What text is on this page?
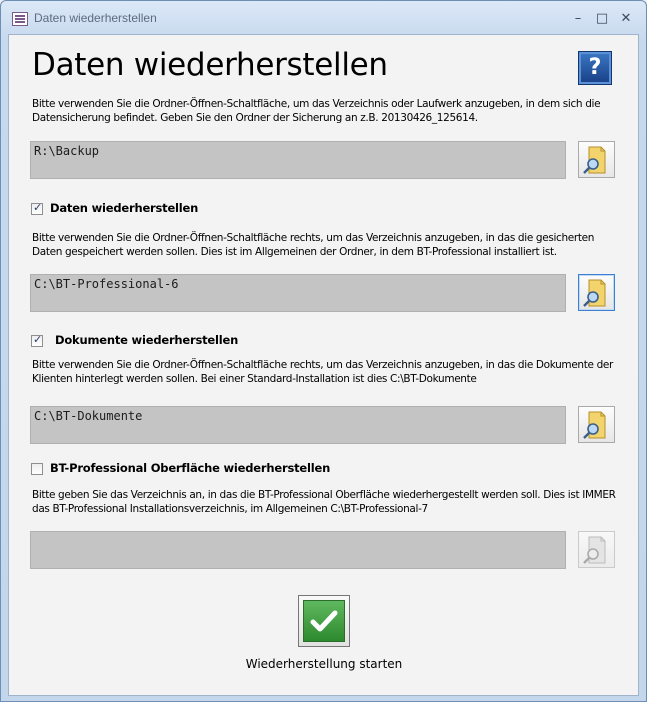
Daten wiederherstellen	–	□ ✕
Daten wiederherstellen	?
Bitte verwenden Sie die Ordner-Öffnen-Schaltfläche, um das Verzeichnis oder Laufwerk anzugeben, in dem sich die Datensicherung befindet. Geben Sie den Ordner der Sicherung an z.B. 20130426_125614.
R:\Backup
✓
Daten wiederherstellen
Bitte verwenden Sie die Ordner-Öffnen-Schaltfläche rechts, um das Verzeichnis anzugeben, in das die gesicherten Daten gespeichert werden sollen. Dies ist im Allgemeinen der Ordner, in dem BT-Professional installiert ist.
C:\BT-Professional-6
✓
Dokumente wiederherstellen
Bitte verwenden Sie die Ordner-Öffnen-Schaltfläche rechts, um das Verzeichnis anzugeben, in das die Dokumente der Klienten hinterlegt werden sollen. Bei einer Standard-Installation ist dies C:\BT-Dokumente
C:\BT-Dokumente
BT-Professional Oberfläche wiederherstellen
Bitte geben Sie das Verzeichnis an, in das die BT-Professional Oberfläche wiederhergestellt werden soll. Dies ist IMMER das BT-Professional Installationsverzeichnis, im Allgemeinen C:\BT-Professional-7
Wiederherstellung starten
